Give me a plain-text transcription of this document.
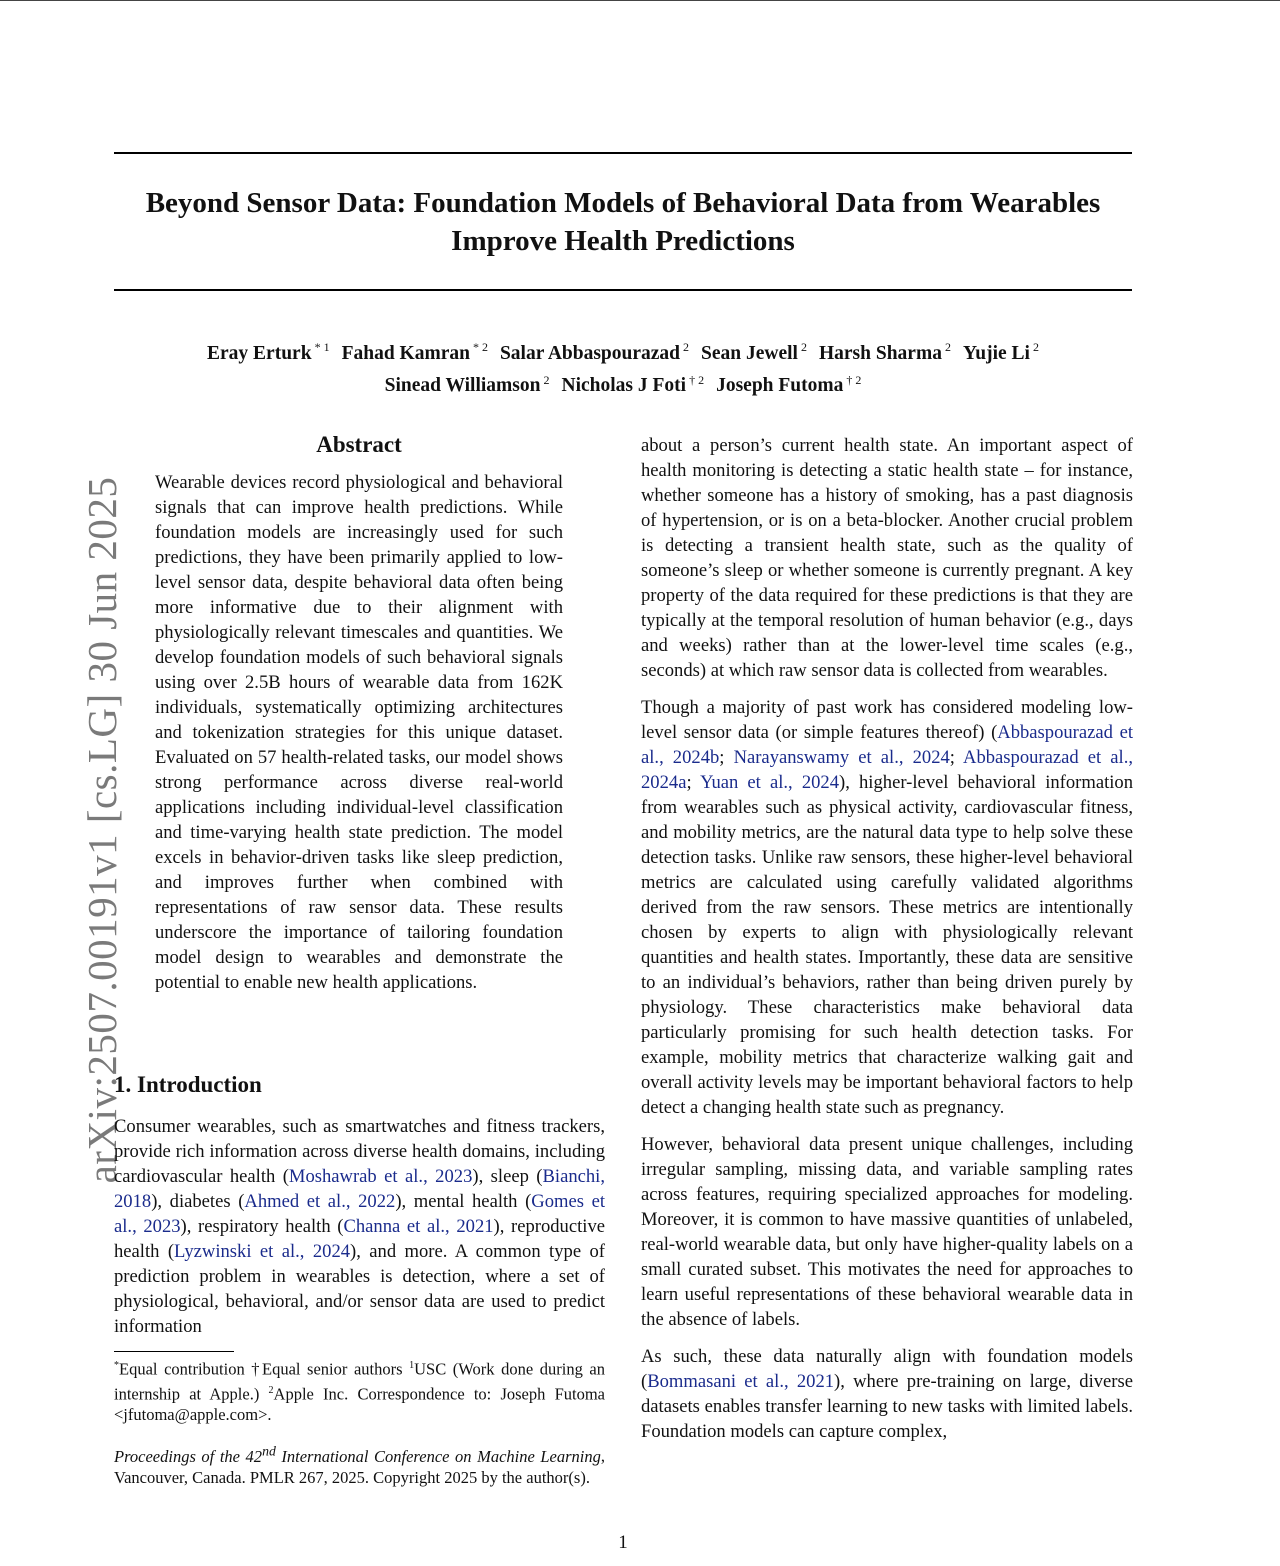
arXiv:2507.00191v1 [cs.LG] 30 Jun 2025
Beyond Sensor Data: Foundation Models of Behavioral Data from Wearables
Improve Health Predictions
Eray Erturk $^{* 1}$ Fahad Kamran $^{* 2}$ Salar Abbaspourazad $^2$ Sean Jewell $^2$ Harsh Sharma $^2$ Yujie Li $^2$
Sinead Williamson $^2$ Nicholas J Foti $^{\dagger 2}$ Joseph Futoma $^{\dagger 2}$
Abstract

Wearable devices record physiological and behavioral signals that can improve health predictions. While foundation models are increasingly used for such predictions, they have been primarily applied to low-level sensor data, despite behavioral data often being more informative due to their alignment with physiologically relevant timescales and quantities. We develop foundation models of such behavioral signals using over 2.5B hours of wearable data from 162K individuals, systematically optimizing architectures and tokenization strategies for this unique dataset. Evaluated on 57 health-related tasks, our model shows strong performance across diverse real-world applications including individual-level classification and time-varying health state prediction. The model excels in behavior-driven tasks like sleep prediction, and improves further when combined with representations of raw sensor data. These results underscore the importance of tailoring foundation model design to wearables and demonstrate the potential to enable new health applications.

1. Introduction

Consumer wearables, such as smartwatches and fitness trackers, provide rich information across diverse health domains, including cardiovascular health (Moshawrab et al., 2023), sleep (Bianchi, 2018), diabetes (Ahmed et al., 2022), mental health (Gomes et al., 2023), respiratory health (Channa et al., 2021), reproductive health (Lyzwinski et al., 2024), and more. A common type of prediction problem in wearables is detection, where a set of physiological, behavioral, and/or sensor data are used to predict information

*Equal contribution †Equal senior authors $^1$USC (Work done during an internship at Apple.) $^2$Apple Inc. Correspondence to: Joseph Futoma <jfutoma@apple.com>.

Proceedings of the 42nd International Conference on Machine Learning, Vancouver, Canada. PMLR 267, 2025. Copyright 2025 by the author(s).

about a person’s current health state. An important aspect of health monitoring is detecting a static health state – for instance, whether someone has a history of smoking, has a past diagnosis of hypertension, or is on a beta-blocker. Another crucial problem is detecting a transient health state, such as the quality of someone’s sleep or whether someone is currently pregnant. A key property of the data required for these predictions is that they are typically at the temporal resolution of human behavior (e.g., days and weeks) rather than at the lower-level time scales (e.g., seconds) at which raw sensor data is collected from wearables.

Though a majority of past work has considered modeling low-level sensor data (or simple features thereof) (Abbaspourazad et al., 2024b; Narayanswamy et al., 2024; Abbaspourazad et al., 2024a; Yuan et al., 2024), higher-level behavioral information from wearables such as physical activity, cardiovascular fitness, and mobility metrics, are the natural data type to help solve these detection tasks. Unlike raw sensors, these higher-level behavioral metrics are calculated using carefully validated algorithms derived from the raw sensors. These metrics are intentionally chosen by experts to align with physiologically relevant quantities and health states. Importantly, these data are sensitive to an individual’s behaviors, rather than being driven purely by physiology. These characteristics make behavioral data particularly promising for such health detection tasks. For example, mobility metrics that characterize walking gait and overall activity levels may be important behavioral factors to help detect a changing health state such as pregnancy.

However, behavioral data present unique challenges, including irregular sampling, missing data, and variable sampling rates across features, requiring specialized approaches for modeling. Moreover, it is common to have massive quantities of unlabeled, real-world wearable data, but only have higher-quality labels on a small curated subset. This motivates the need for approaches to learn useful representations of these behavioral wearable data in the absence of labels.

As such, these data naturally align with foundation models (Bommasani et al., 2021), where pre-training on large, diverse datasets enables transfer learning to new tasks with limited labels. Foundation models can capture complex,

1
